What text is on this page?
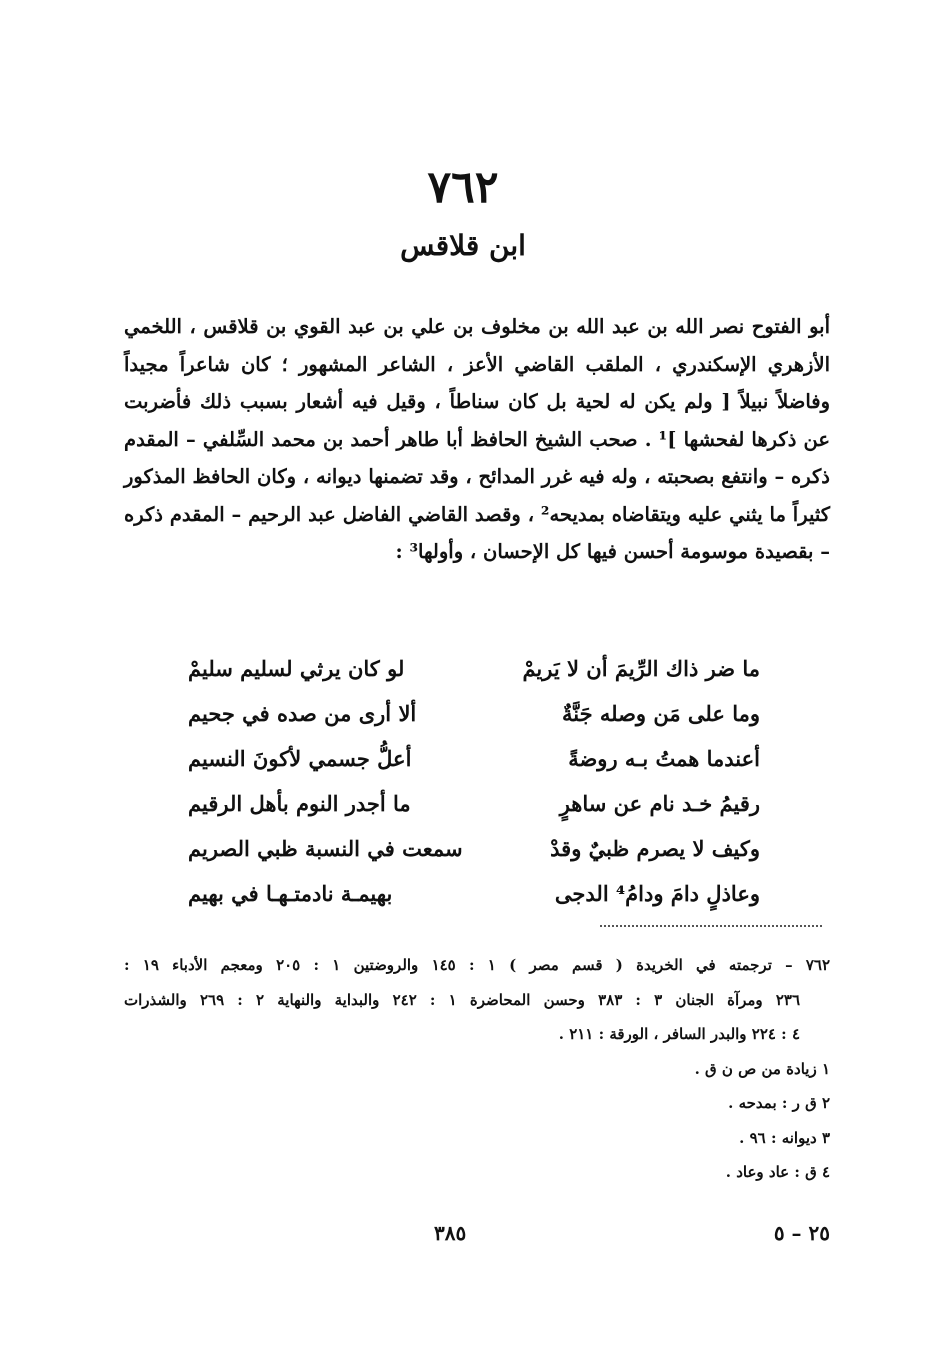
٧٦٢
ابن قلاقس

أبو الفتوح نصر الله بن عبد الله بن مخلوف بن علي بن عبد القوي بن قلاقس ، اللخمي الأزهري الإسكندري ، الملقب القاضي الأعز ، الشاعر المشهور ؛ كان شاعراً مجيداً وفاضلاً نبيلاً [ ولم يكن له لحية بل كان سناطاً ، وقيل فيه أشعار بسبب ذلك فأضربت عن ذكرها لفحشها ]¹ . صحب الشيخ الحافظ أبا طاهر أحمد بن محمد السِّلفي – المقدم ذكره – وانتفع بصحبته ، وله فيه غرر المدائح ، وقد تضمنها ديوانه ، وكان الحافظ المذكور كثيراً ما يثني عليه ويتقاضاه بمديحه² ، وقصد القاضي الفاضل عبد الرحيم – المقدم ذكره – بقصيدة موسومة أحسن فيها كل الإحسان ، وأولها³ :

ما ضر ذاك الرِّيمَ أن لا يَريمْ
لو كان يرثي لسليم سليمْ
وما على مَن وصله جَنَّةٌ
ألا أرى من صده في جحيم
أعندما همتُ بـه روضةً
أعلُّ جسمي لأكونَ النسيم
رقيمُ خـد نام عن ساهرٍ
ما أجدر النوم بأهل الرقيم
وكيف لا يصرم ظبيٌ وقدْ
سمعت في النسبة ظبي الصريم
وعاذلٍ دامَ ودامُ⁴ الدجى
بهيمـة نادمتـهـا في بهيم
٧٦٢ – ترجمته في الخريدة ( قسم مصر ) ١ : ١٤٥ والروضتين ١ : ٢٠٥ ومعجم الأدباء ١٩ :
٢٣٦ ومرآة الجنان ٣ : ٣٨٣ وحسن المحاضرة ١ : ٢٤٢ والبداية والنهاية ٢ : ٢٦٩ والشذرات
٤ : ٢٢٤ والبدر السافر ، الورقة : ٢١١ .
١ زيادة من ص ن ق .
٢ ق ر : بمدحه .
٣ ديوانه : ٩٦ .
٤ ق : عاد وعاد .
٢٥ – ٥
٣٨٥
